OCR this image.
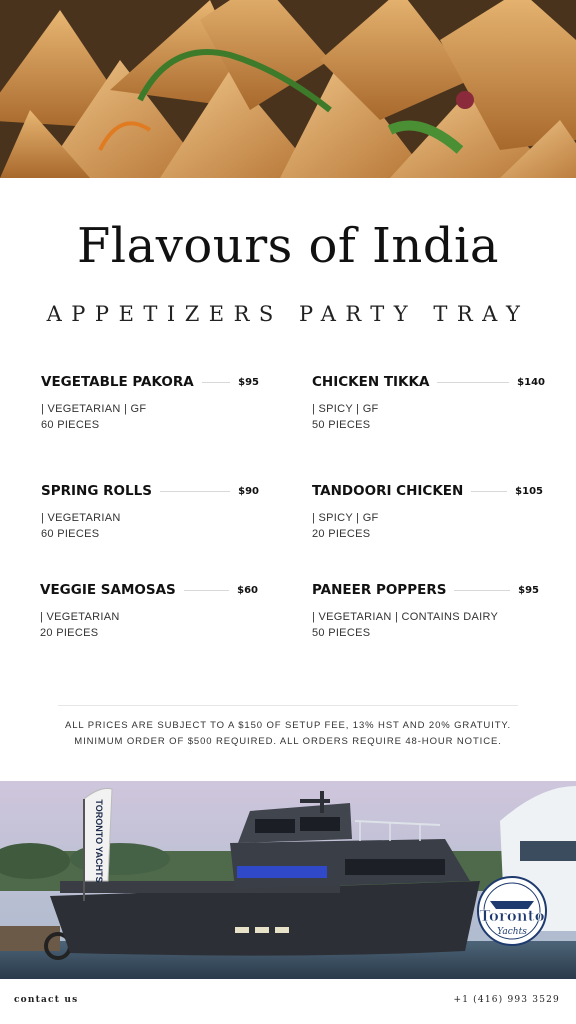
Flavours of India
APPETIZERS PARTY TRAY
VEGETABLE PAKORA	$95
| VEGETARIAN | GF
60 PIECES
CHICKEN TIKKA	$140
| SPICY | GF
50 PIECES
SPRING ROLLS	$90
| VEGETARIAN
60 PIECES
TANDOORI CHICKEN	$105
| SPICY | GF
20 PIECES
VEGGIE SAMOSAS	$60
| VEGETARIAN
20 PIECES
PANEER POPPERS	$95
| VEGETARIAN | CONTAINS DAIRY
50 PIECES
ALL PRICES ARE SUBJECT TO A $150 OF SETUP FEE, 13% HST AND 20% GRATUITY.
MINIMUM ORDER OF $500 REQUIRED. ALL ORDERS REQUIRE 48-HOUR NOTICE.
TORONTO YACHTS
Toronto
Yachts
contact us	+1 (416) 993 3529
